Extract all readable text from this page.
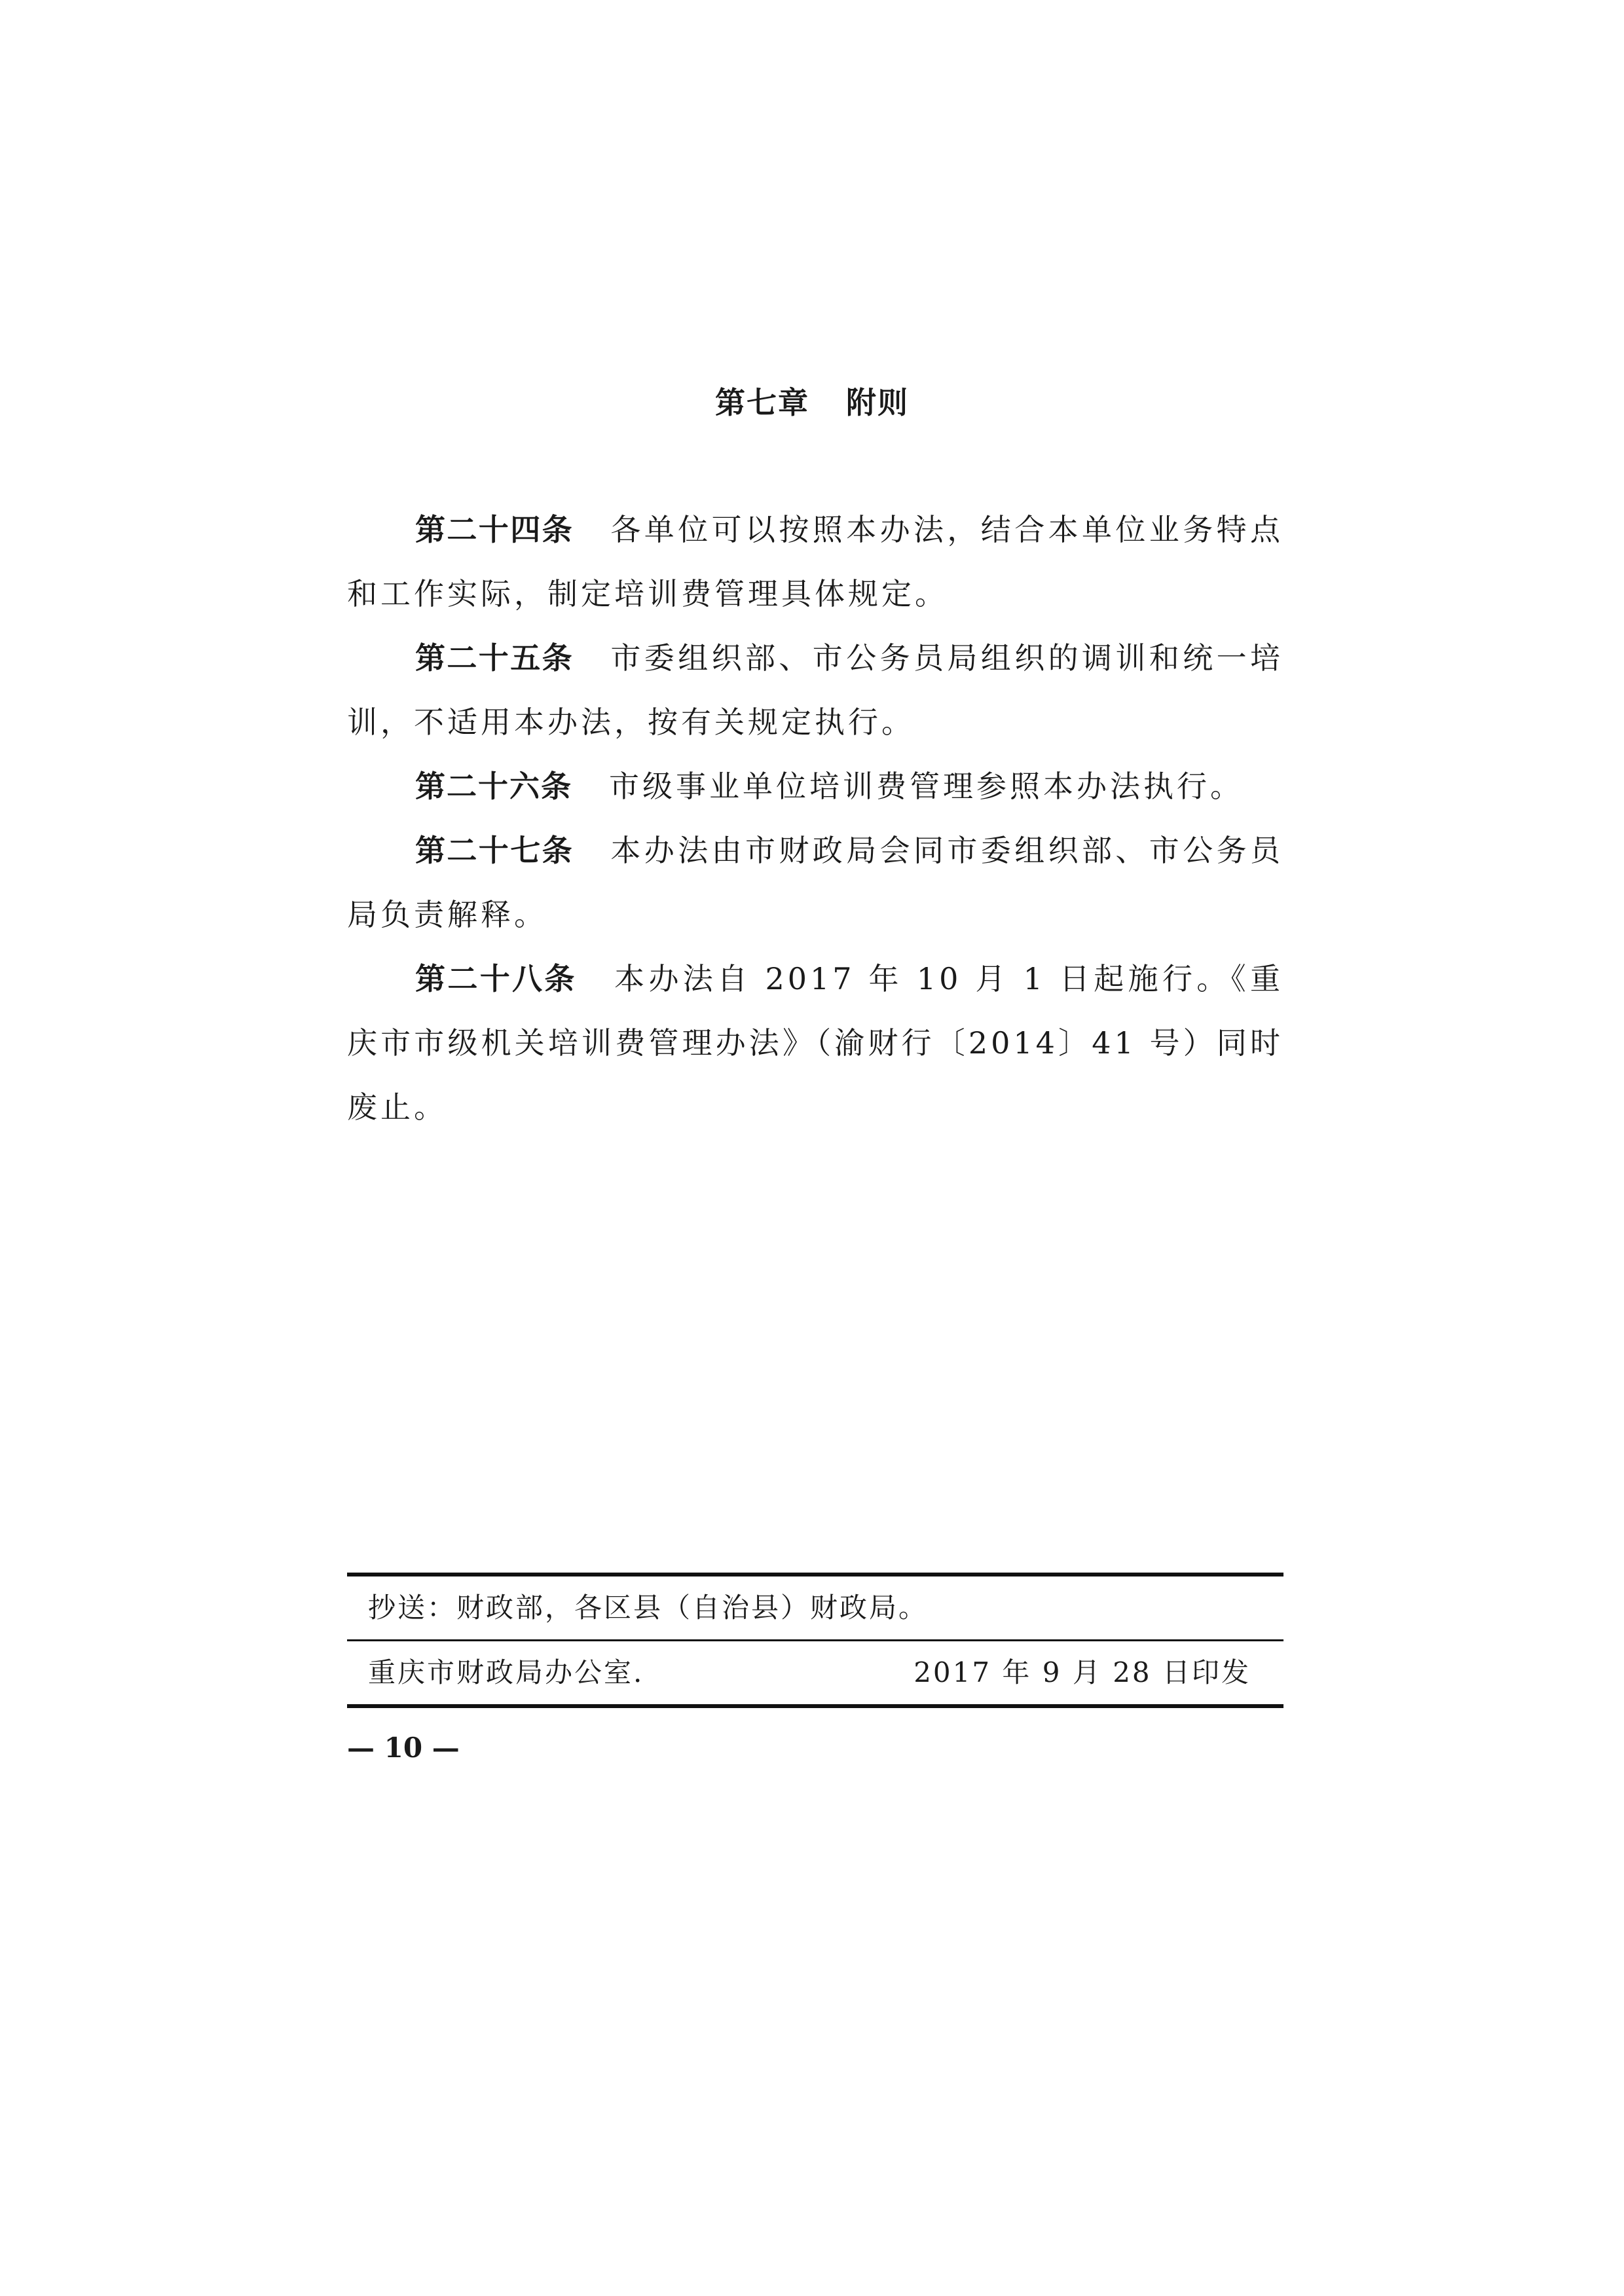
第七章 附则

第二十四条 各单位可以按照本办法，结合本单位业务特点和工作实际，制定培训费管理具体规定。

第二十五条 市委组织部、市公务员局组织的调训和统一培训，不适用本办法，按有关规定执行。

第二十六条 市级事业单位培训费管理参照本办法执行。

第二十七条 本办法由市财政局会同市委组织部、市公务员局负责解释。

第二十八条 本办法自 2017 年 10 月 1 日起施行。《重庆市市级机关培训费管理办法》（渝财行〔2014〕41 号）同时废止。

抄送：财政部，各区县（自治县）财政局。
重庆市财政局办公室.	2017 年 9 月 28 日印发
— 10 —
